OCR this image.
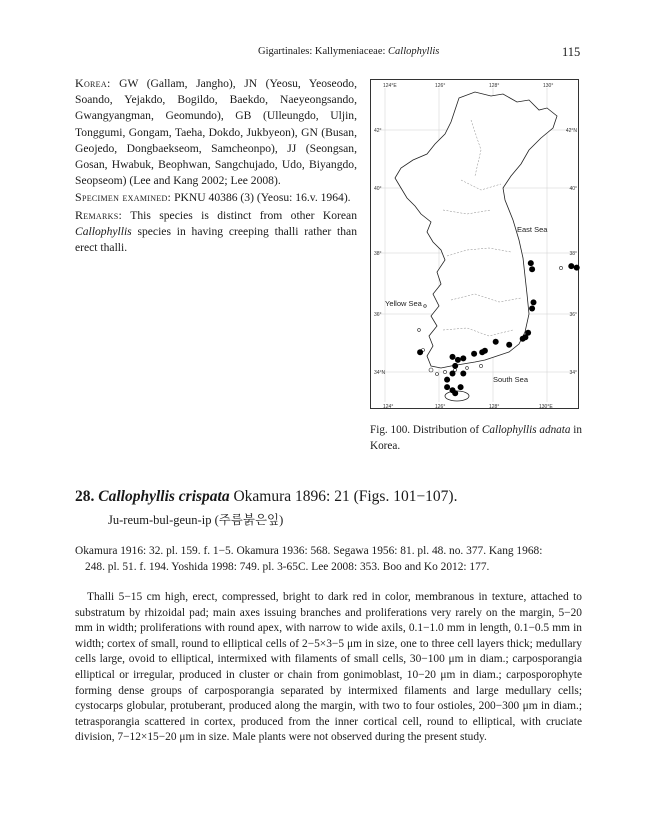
Gigartinales: Kallymeniaceae: Callophyllis	115

Korea: GW (Gallam, Jangho), JN (Yeosu, Yeoseodo, Soando, Yejakdo, Bogildo, Baekdo, Naeyeongsando, Gwangyangman, Geomundo), GB (Ulleungdo, Uljin, Tonggumi, Gongam, Taeha, Dokdo, Jukbyeon), GN (Busan, Geojedo, Dongbaekseom, Samcheonpo), JJ (Seongsan, Gosan, Hwabuk, Beophwan, Sangchujado, Udo, Biyangdo, Seopseom) (Lee and Kang 2002; Lee 2008).

Specimen examined: PKNU 40386 (3) (Yeosu: 16.v. 1964).

Remarks: This species is distinct from other Korean Callophyllis species in having creeping thalli rather than erect thalli.

124°E	126°	128°	130°
124°	126°	128°	130°E
42°
40°
38°
36°
34°N
42°N
40°
38°
36°
34°
East Sea
Yellow Sea
South Sea
Fig. 100. Distribution of Callophyllis adnata in Korea.
28. Callophyllis crispata Okamura 1896: 21 (Figs. 101−107).
Ju-reum-bul-geun-ip (주름붉은잎)
Okamura 1916: 32. pl. 159. f. 1−5. Okamura 1936: 568. Segawa 1956: 81. pl. 48. no. 377. Kang 1968:
248. pl. 51. f. 194. Yoshida 1998: 749. pl. 3-65C. Lee 2008: 353. Boo and Ko 2012: 177.
Thalli 5−15 cm high, erect, compressed, bright to dark red in color, membranous in texture, attached to substratum by rhizoidal pad; main axes issuing branches and proliferations very rarely on the margin, 5−20 mm in width; proliferations with round apex, with narrow to wide axils, 0.1−1.0 mm in length, 0.1−0.5 mm in width; cortex of small, round to elliptical cells of 2−5×3−5 μm in size, one to three cell layers thick; medullary cells large, ovoid to elliptical, intermixed with filaments of small cells, 30−100 μm in diam.; carposporangia elliptical or irregular, produced in cluster or chain from gonimoblast, 10−20 μm in diam.; carposporophyte forming dense groups of carposporangia separated by intermixed filaments and large medullary cells; cystocarps globular, protuberant, produced along the margin, with two to four ostioles, 200−300 μm in diam.; tetrasporangia scattered in cortex, produced from the inner cortical cell, round to elliptical, with cruciate division, 7−12×15−20 μm in size. Male plants were not observed during the present study.
